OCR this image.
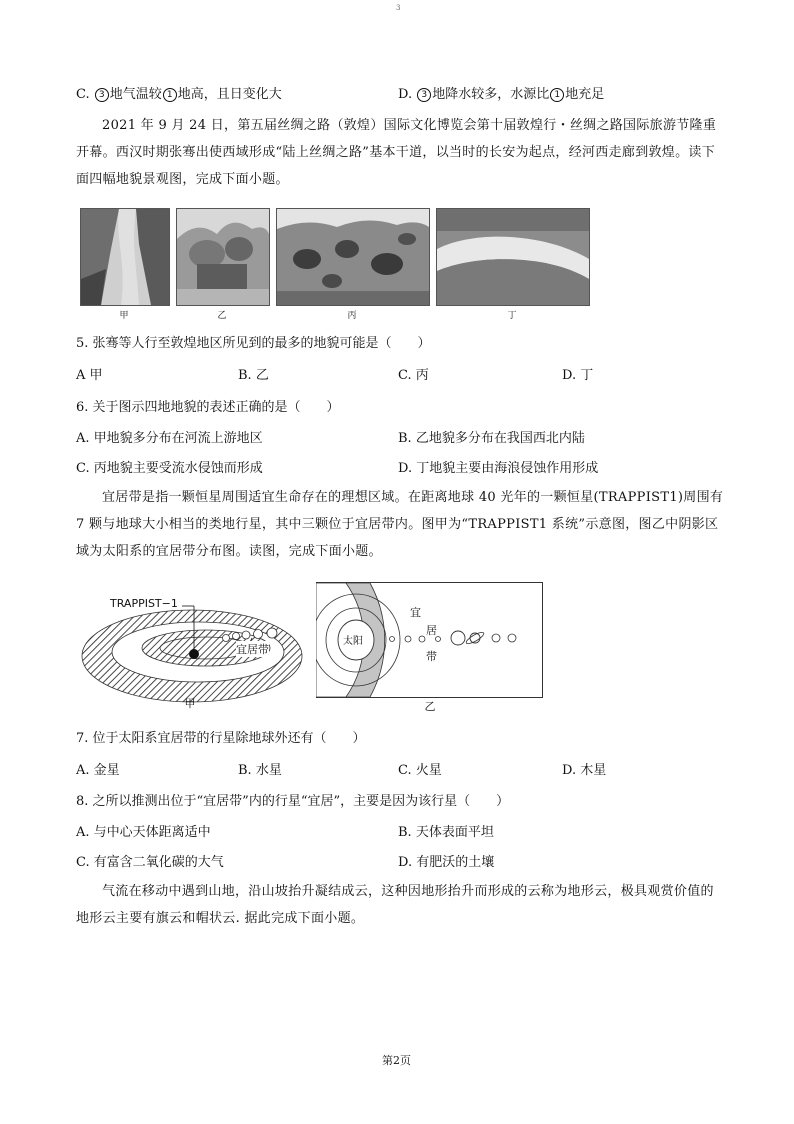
3
C. 3 地气温较 1 地高，且日变化大	D. 3 地降水较多，水源比 1 地充足
2021 年 9 月 24 日，第五届丝绸之路（敦煌）国际文化博览会第十届敦煌行・丝绸之路国际旅游节隆重开幕。西汉时期张骞出使西域形成“陆上丝绸之路”基本干道，以当时的长安为起点，经河西走廊到敦煌。读下面四幅地貌景观图，完成下面小题。
甲	乙	丙	丁
5. 张骞等人行至敦煌地区所见到的最多的地貌可能是（　　）
A 甲	B. 乙	C. 丙	D. 丁
6. 关于图示四地地貌的表述正确的是（　　）
A. 甲地貌多分布在河流上游地区	B. 乙地貌多分布在我国西北内陆
C. 丙地貌主要受流水侵蚀而形成	D. 丁地貌主要由海浪侵蚀作用形成
宜居带是指一颗恒星周围适宜生命存在的理想区域。在距离地球 40 光年的一颗恒星(TRAPPIST1)周围有 7 颗与地球大小相当的类地行星，其中三颗位于宜居带内。图甲为“TRAPPIST1 系统”示意图，图乙中阴影区域为太阳系的宜居带分布图。读图，完成下面小题。
TRAPPIST−1
宜居带
甲
太阳
宜
居
带
乙
7. 位于太阳系宜居带的行星除地球外还有（　　）
A. 金星	B. 水星	C. 火星	D. 木星
8. 之所以推测出位于“宜居带”内的行星“宜居”，主要是因为该行星（　　）
A. 与中心天体距离适中	B. 天体表面平坦
C. 有富含二氧化碳的大气	D. 有肥沃的土壤
气流在移动中遇到山地，沿山坡抬升凝结成云，这种因地形抬升而形成的云称为地形云，极具观赏价值的地形云主要有旗云和帽状云. 据此完成下面小题。
第2页
